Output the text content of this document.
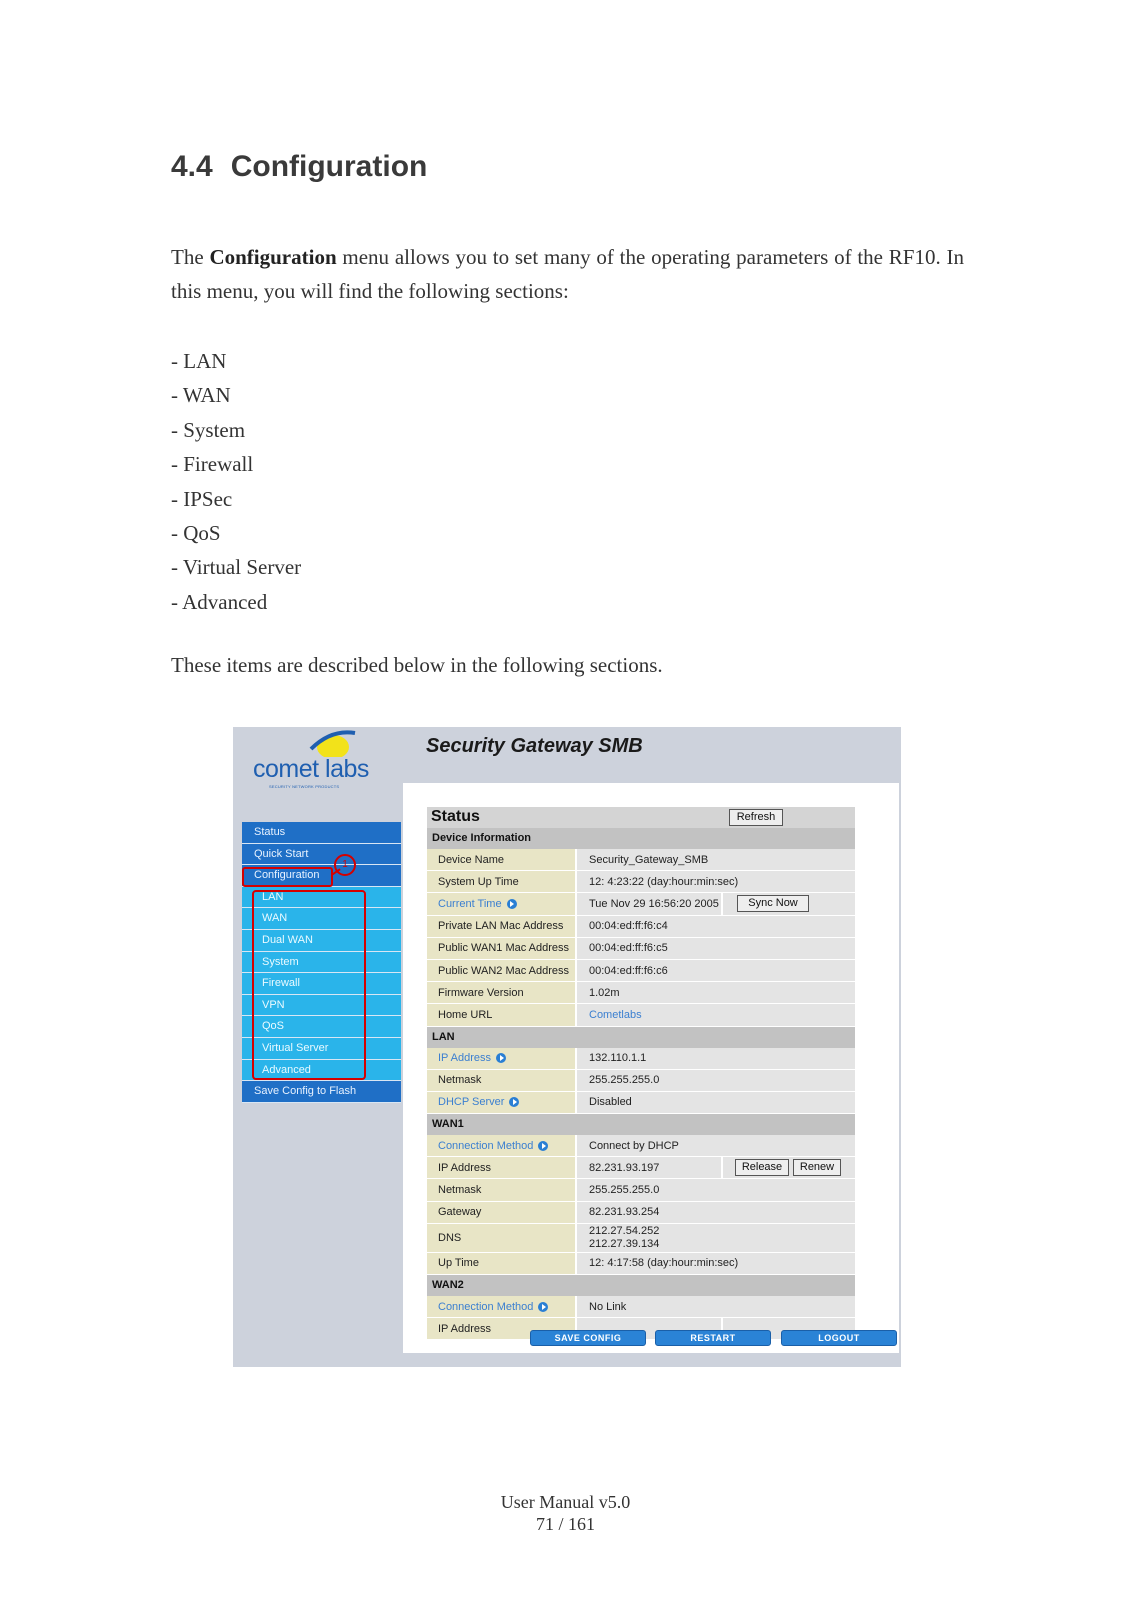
4.4 Configuration

The Configuration menu allows you to set many of the operating parameters of the RF10. In this menu, you will find the following sections:

- LAN
- WAN
- System
- Firewall
- IPSec
- QoS
- Virtual Server
- Advanced

These items are described below in the following sections.

comet labs
SECURITY NETWORK PRODUCTS
Security Gateway SMB
Status
Quick Start
Configuration
LAN
WAN
Dual WAN
System
Firewall
VPN
QoS
Virtual Server
Advanced
Save Config to Flash
1
Status	Refresh
Device Information
Device Name	Security_Gateway_SMB
System Up Time	12: 4:23:22 (day:hour:min:sec)
Current Time	Tue Nov 29 16:56:20 2005	Sync Now
Private LAN Mac Address	00:04:ed:ff:f6:c4
Public WAN1 Mac Address	00:04:ed:ff:f6:c5
Public WAN2 Mac Address	00:04:ed:ff:f6:c6
Firmware Version	1.02m
Home URL	Cometlabs
LAN
IP Address	132.110.1.1
Netmask	255.255.255.0
DHCP Server	Disabled
WAN1
Connection Method	Connect by DHCP
IP Address	82.231.93.197	Release	Renew
Netmask	255.255.255.0
Gateway	82.231.93.254
DNS
212.27.54.252
212.27.39.134
Up Time	12: 4:17:58 (day:hour:min:sec)
WAN2
Connection Method	No Link
IP Address
SAVE CONFIG	RESTART	LOGOUT
User Manual v5.0
71 / 161
